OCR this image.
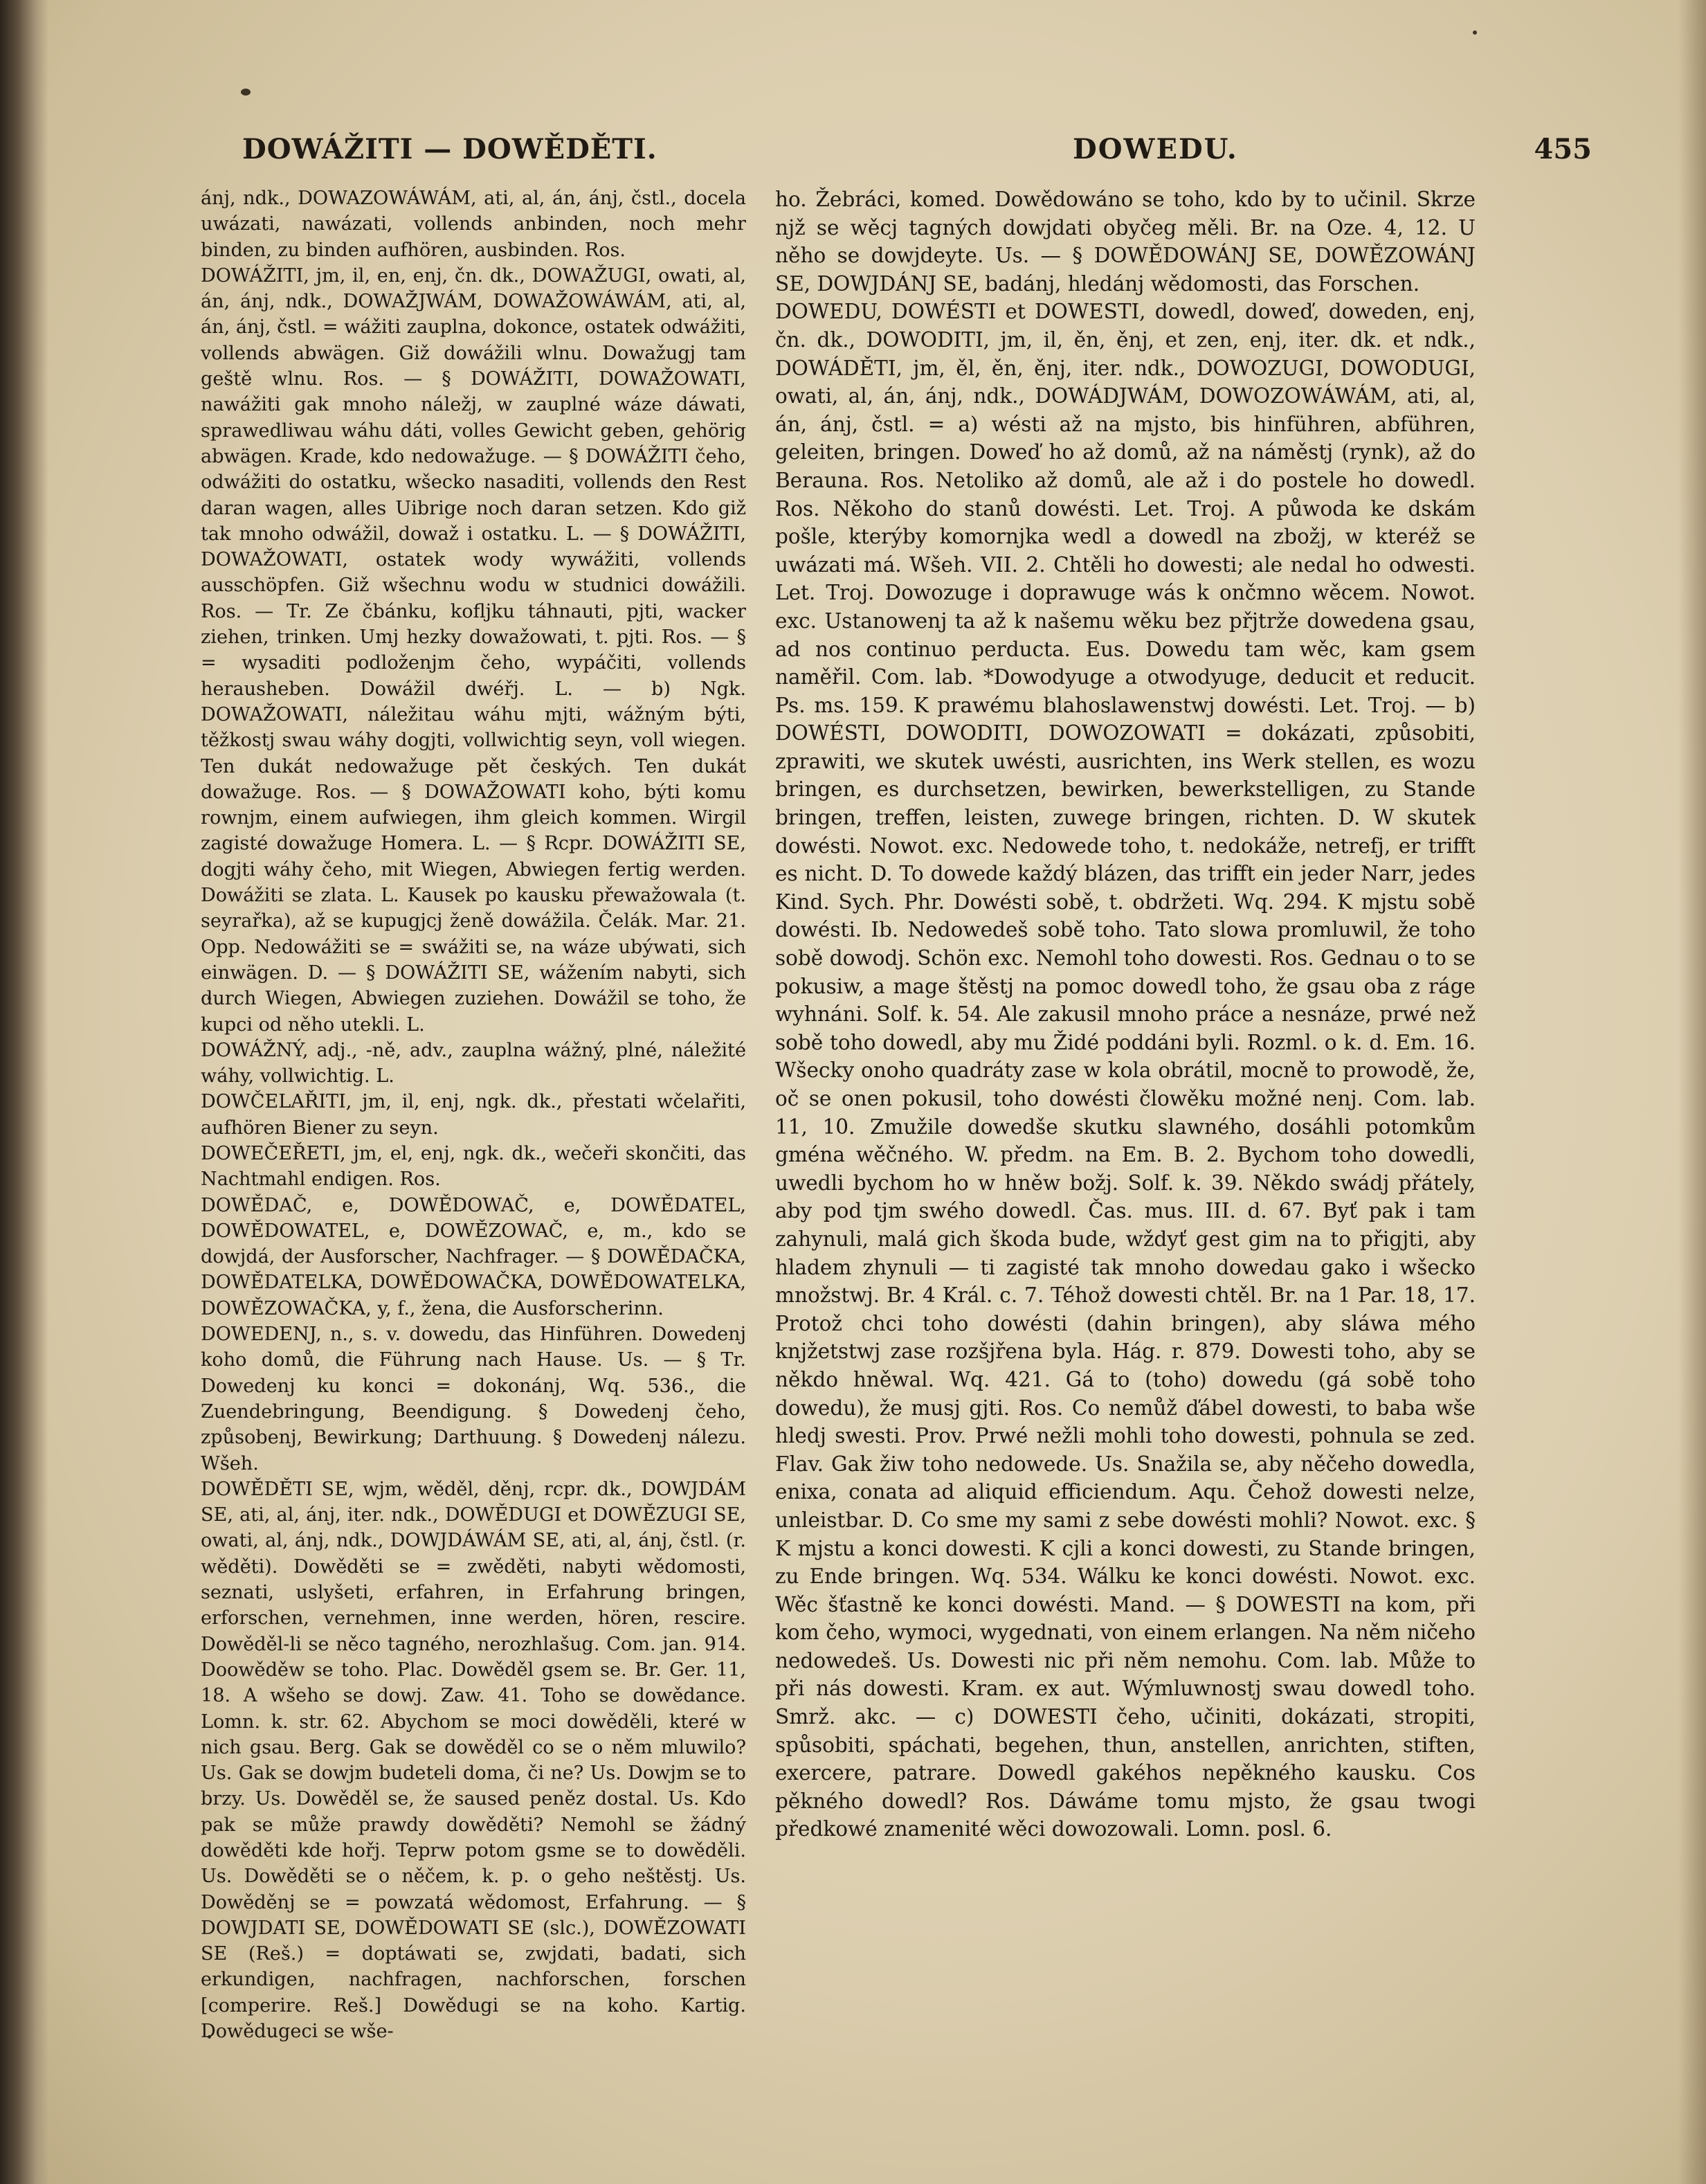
DOWÁŽITI — DOWĚDĚTI.	DOWEDU.	455

ánj, ndk., DOWAZOWÁWÁM, ati, al, án, ánj, čstl., docela uwázati, nawázati, vollends anbinden, noch mehr binden, zu binden aufhören, ausbinden. Ros.

DOWÁŽITI, jm, il, en, enj, čn. dk., DOWAŽUGI, owati, al, án, ánj, ndk., DOWAŽJWÁM, DOWAŽOWÁWÁM, ati, al, án, ánj, čstl. = wážiti zauplna, dokonce, ostatek odwážiti, vollends abwägen. Giž dowážili wlnu. Dowažugj tam geště wlnu. Ros. — § DOWÁŽITI, DOWAŽOWATI, nawážiti gak mnoho náležj, w zauplné wáze dáwati, sprawedliwau wáhu dáti, volles Gewicht geben, gehörig abwägen. Krade, kdo nedowažuge. — § DOWÁŽITI čeho, odwážiti do ostatku, wšecko nasaditi, vollends den Rest daran wagen, alles Uibrige noch daran setzen. Kdo giž tak mnoho odwážil, dowaž i ostatku. L. — § DOWÁŽITI, DOWAŽOWATI, ostatek wody wywážiti, vollends ausschöpfen. Giž wšechnu wodu w studnici dowážili. Ros. — Tr. Ze čbánku, kofljku táhnauti, pjti, wacker ziehen, trinken. Umj hezky dowažowati, t. pjti. Ros. — § = wysaditi podloženjm čeho, wypáčiti, vollends herausheben. Dowážil dwéřj. L. — b) Ngk. DOWAŽOWATI, náležitau wáhu mjti, wážným býti, těžkostj swau wáhy dogjti, vollwichtig seyn, voll wiegen. Ten dukát nedowažuge pět českých. Ten dukát dowažuge. Ros. — § DOWAŽOWATI koho, býti komu rownjm, einem aufwiegen, ihm gleich kommen. Wirgil zagisté dowažuge Homera. L. — § Rcpr. DOWÁŽITI SE, dogjti wáhy čeho, mit Wiegen, Abwiegen fertig werden. Dowážiti se zlata. L. Kausek po kausku přewažowala (t. seyrařka), až se kupugjcj ženě dowážila. Čelák. Mar. 21. Opp. Nedowážiti se = swážiti se, na wáze ubýwati, sich einwägen. D. — § DOWÁŽITI SE, wážením nabyti, sich durch Wiegen, Abwiegen zuziehen. Dowážil se toho, že kupci od něho utekli. L.

DOWÁŽNÝ, adj., -ně, adv., zauplna wážný, plné, náležité wáhy, vollwichtig. L.

DOWČELAŘITI, jm, il, enj, ngk. dk., přestati wčelařiti, aufhören Biener zu seyn.

DOWEČEŘETI, jm, el, enj, ngk. dk., wečeři skončiti, das Nachtmahl endigen. Ros.

DOWĚDAČ, e, DOWĚDOWAČ, e, DOWĚDATEL, DOWĚDOWATEL, e, DOWĚZOWAČ, e, m., kdo se dowjdá, der Ausforscher, Nachfrager. — § DOWĚDAČKA, DOWĚDATELKA, DOWĚDOWAČKA, DOWĚDOWATELKA, DOWĚZOWAČKA, y, f., žena, die Ausforscherinn.

DOWEDENJ, n., s. v. dowedu, das Hinführen. Dowedenj koho domů, die Führung nach Hause. Us. — § Tr. Dowedenj ku konci = dokonánj, Wq. 536., die Zuendebringung, Beendigung. § Dowedenj čeho, způsobenj, Bewirkung; Darthuung. § Dowedenj nálezu. Wšeh.

DOWĚDĚTI SE, wjm, wěděl, děnj, rcpr. dk., DOWJDÁM SE, ati, al, ánj, iter. ndk., DOWĚDUGI et DOWĚZUGI SE, owati, al, ánj, ndk., DOWJDÁWÁM SE, ati, al, ánj, čstl. (r. wěděti). Dowěděti se = zwěděti, nabyti wědomosti, seznati, uslyšeti, erfahren, in Erfahrung bringen, erforschen, vernehmen, inne werden, hören, rescire. Dowěděl-li se něco tagného, nerozhlašug. Com. jan. 914. Doowěděw se toho. Plac. Dowěděl gsem se. Br. Ger. 11, 18. A wšeho se dowj. Zaw. 41. Toho se dowědance. Lomn. k. str. 62. Abychom se moci dowěděli, které w nich gsau. Berg. Gak se dowěděl co se o něm mluwilo? Us. Gak se dowjm budeteli doma, či ne? Us. Dowjm se to brzy. Us. Dowěděl se, že saused peněz dostal. Us. Kdo pak se může prawdy dowěděti? Nemohl se žádný dowěděti kde hořj. Teprw potom gsme se to dowěděli. Us. Dowěděti se o něčem, k. p. o geho neštěstj. Us. Dowěděnj se = powzatá wědomost, Erfahrung. — § DOWJDATI SE, DOWĚDOWATI SE (slc.), DOWĚZOWATI SE (Reš.) = doptáwati se, zwjdati, badati, sich erkundigen, nachfragen, nachforschen, forschen [comperire. Reš.] Dowědugi se na koho. Kartig. Dowědugeci se wše-

ho. Žebráci, komed. Dowědowáno se toho, kdo by to učinil. Skrze njž se wěcj tagných dowjdati obyčeg měli. Br. na Oze. 4, 12. U něho se dowjdeyte. Us. — § DOWĚDOWÁNJ SE, DOWĚZOWÁNJ SE, DOWJDÁNJ SE, badánj, hledánj wědomosti, das Forschen.

DOWEDU, DOWÉSTI et DOWESTI, dowedl, doweď, doweden, enj, čn. dk., DOWODITI, jm, il, ěn, ěnj, et zen, enj, iter. dk. et ndk., DOWÁDĚTI, jm, ěl, ěn, ěnj, iter. ndk., DOWOZUGI, DOWODUGI, owati, al, án, ánj, ndk., DOWÁDJWÁM, DOWOZOWÁWÁM, ati, al, án, ánj, čstl. = a) wésti až na mjsto, bis hinführen, abführen, geleiten, bringen. Doweď ho až domů, až na náměstj (rynk), až do Berauna. Ros. Netoliko až domů, ale až i do postele ho dowedl. Ros. Někoho do stanů dowésti. Let. Troj. A půwoda ke dskám pošle, kterýby komornjka wedl a dowedl na zbožj, w kteréž se uwázati má. Wšeh. VII. 2. Chtěli ho dowesti; ale nedal ho odwesti. Let. Troj. Dowozuge i doprawuge wás k ončmno wěcem. Nowot. exc. Ustanowenj ta až k našemu wěku bez přjtrže dowedena gsau, ad nos continuo perducta. Eus. Dowedu tam wěc, kam gsem naměřil. Com. lab. *Dowodyuge a otwodyuge, deducit et reducit. Ps. ms. 159. K prawému blahoslawenstwj dowésti. Let. Troj. — b) DOWÉSTI, DOWODITI, DOWOZOWATI = dokázati, způsobiti, zprawiti, we skutek uwésti, ausrichten, ins Werk stellen, es wozu bringen, es durchsetzen, bewirken, bewerkstelligen, zu Stande bringen, treffen, leisten, zuwege bringen, richten. D. W skutek dowésti. Nowot. exc. Nedowede toho, t. nedokáže, netrefj, er trifft es nicht. D. To dowede každý blázen, das trifft ein jeder Narr, jedes Kind. Sych. Phr. Dowésti sobě, t. obdržeti. Wq. 294. K mjstu sobě dowésti. Ib. Nedowedeš sobě toho. Tato slowa promluwil, že toho sobě dowodj. Schön exc. Nemohl toho dowesti. Ros. Gednau o to se pokusiw, a mage štěstj na pomoc dowedl toho, že gsau oba z ráge wyhnáni. Solf. k. 54. Ale zakusil mnoho práce a nesnáze, prwé než sobě toho dowedl, aby mu Židé poddáni byli. Rozml. o k. d. Em. 16. Wšecky onoho quadráty zase w kola obrátil, mocně to prowodě, že, oč se onen pokusil, toho dowésti člowěku možné nenj. Com. lab. 11, 10. Zmužile dowedše skutku slawného, dosáhli potomkům gména wěčného. W. předm. na Em. B. 2. Bychom toho dowedli, uwedli bychom ho w hněw božj. Solf. k. 39. Někdo swádj přátely, aby pod tjm swého dowedl. Čas. mus. III. d. 67. Byť pak i tam zahynuli, malá gich škoda bude, wždyť gest gim na to přigjti, aby hladem zhynuli — ti zagisté tak mnoho dowedau gako i wšecko množstwj. Br. 4 Král. c. 7. Téhož dowesti chtěl. Br. na 1 Par. 18, 17. Protož chci toho dowésti (dahin bringen), aby sláwa mého knjžetstwj zase rozšjřena byla. Hág. r. 879. Dowesti toho, aby se někdo hněwal. Wq. 421. Gá to (toho) dowedu (gá sobě toho dowedu), že musj gjti. Ros. Co nemůž ďábel dowesti, to baba wše hledj swesti. Prov. Prwé nežli mohli toho dowesti, pohnula se zed. Flav. Gak žiw toho nedowede. Us. Snažila se, aby něčeho dowedla, enixa, conata ad aliquid efficiendum. Aqu. Čehož dowesti nelze, unleistbar. D. Co sme my sami z sebe dowésti mohli? Nowot. exc. § K mjstu a konci dowesti. K cjli a konci dowesti, zu Stande bringen, zu Ende bringen. Wq. 534. Wálku ke konci dowésti. Nowot. exc. Wěc šťastně ke konci dowésti. Mand. — § DOWESTI na kom, při kom čeho, wymoci, wygednati, von einem erlangen. Na něm ničeho nedowedeš. Us. Dowesti nic při něm nemohu. Com. lab. Může to při nás dowesti. Kram. ex aut. Wýmluwnostj swau dowedl toho. Smrž. akc. — c) DOWESTI čeho, učiniti, dokázati, stropiti, spůsobiti, spáchati, begehen, thun, anstellen, anrichten, stiften, exercere, patrare. Dowedl gakéhos nepěkného kausku. Cos pěkného dowedl? Ros. Dáwáme tomu mjsto, že gsau twogi předkowé znamenité wěci dowozowali. Lomn. posl. 6.
